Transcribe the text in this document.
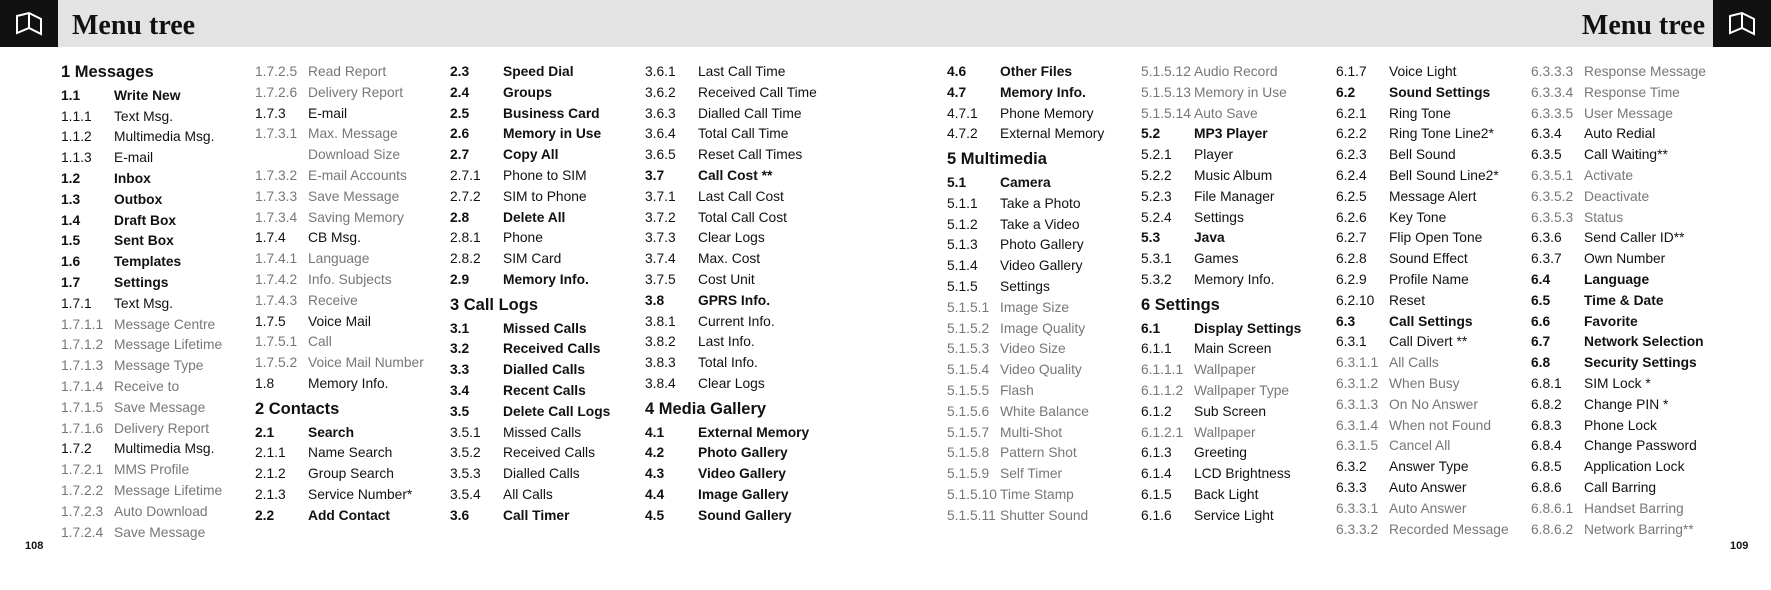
Menu tree	Menu tree
1 Messages
1.1	Write New
1.1.1	Text Msg.
1.1.2	Multimedia Msg.
1.1.3	E-mail
1.2	Inbox
1.3	Outbox
1.4	Draft Box
1.5	Sent Box
1.6	Templates
1.7	Settings
1.7.1	Text Msg.
1.7.1.1 Message Centre
1.7.1.2 Message Lifetime
1.7.1.3 Message Type
1.7.1.4 Receive to
1.7.1.5 Save Message
1.7.1.6 Delivery Report
1.7.2	Multimedia Msg.
1.7.2.1 MMS Profile
1.7.2.2 Message Lifetime
1.7.2.3 Auto Download
1.7.2.4 Save Message
1.7.2.5 Read Report
1.7.2.6 Delivery Report
1.7.3	E-mail
1.7.3.1 Max. Message
Download Size
1.7.3.2 E-mail Accounts
1.7.3.3 Save Message
1.7.3.4 Saving Memory
1.7.4	CB Msg.
1.7.4.1 Language
1.7.4.2 Info. Subjects
1.7.4.3 Receive
1.7.5	Voice Mail
1.7.5.1 Call
1.7.5.2 Voice Mail Number
1.8	Memory Info.
2 Contacts
2.1	Search
2.1.1	Name Search
2.1.2	Group Search
2.1.3	Service Number*
2.2	Add Contact
2.3	Speed Dial
2.4	Groups
2.5	Business Card
2.6	Memory in Use
2.7	Copy All
2.7.1	Phone to SIM
2.7.2	SIM to Phone
2.8	Delete All
2.8.1	Phone
2.8.2	SIM Card
2.9	Memory Info.
3 Call Logs
3.1	Missed Calls
3.2	Received Calls
3.3	Dialled Calls
3.4	Recent Calls
3.5	Delete Call Logs
3.5.1	Missed Calls
3.5.2	Received Calls
3.5.3	Dialled Calls
3.5.4	All Calls
3.6	Call Timer
3.6.1	Last Call Time
3.6.2	Received Call Time
3.6.3	Dialled Call Time
3.6.4	Total Call Time
3.6.5	Reset Call Times
3.7	Call Cost **
3.7.1	Last Call Cost
3.7.2	Total Call Cost
3.7.3	Clear Logs
3.7.4	Max. Cost
3.7.5	Cost Unit
3.8	GPRS Info.
3.8.1	Current Info.
3.8.2	Last Info.
3.8.3	Total Info.
3.8.4	Clear Logs
4 Media Gallery
4.1	External Memory
4.2	Photo Gallery
4.3	Video Gallery
4.4	Image Gallery
4.5	Sound Gallery
4.6	Other Files
4.7	Memory Info.
4.7.1	Phone Memory
4.7.2	External Memory
5 Multimedia
5.1	Camera
5.1.1	Take a Photo
5.1.2	Take a Video
5.1.3	Photo Gallery
5.1.4	Video Gallery
5.1.5	Settings
5.1.5.1 Image Size
5.1.5.2 Image Quality
5.1.5.3 Video Size
5.1.5.4 Video Quality
5.1.5.5 Flash
5.1.5.6 White Balance
5.1.5.7 Multi-Shot
5.1.5.8 Pattern Shot
5.1.5.9 Self Timer
5.1.5.10 Time Stamp
5.1.5.11 Shutter Sound
5.1.5.12 Audio Record
5.1.5.13 Memory in Use
5.1.5.14 Auto Save
5.2	MP3 Player
5.2.1	Player
5.2.2	Music Album
5.2.3	File Manager
5.2.4	Settings
5.3	Java
5.3.1	Games
5.3.2	Memory Info.
6 Settings
6.1	Display Settings
6.1.1	Main Screen
6.1.1.1 Wallpaper
6.1.1.2 Wallpaper Type
6.1.2	Sub Screen
6.1.2.1 Wallpaper
6.1.3	Greeting
6.1.4	LCD Brightness
6.1.5	Back Light
6.1.6	Service Light
6.1.7	Voice Light
6.2	Sound Settings
6.2.1	Ring Tone
6.2.2	Ring Tone Line2*
6.2.3	Bell Sound
6.2.4	Bell Sound Line2*
6.2.5	Message Alert
6.2.6	Key Tone
6.2.7	Flip Open Tone
6.2.8	Sound Effect
6.2.9	Profile Name
6.2.10	Reset
6.3	Call Settings
6.3.1	Call Divert **
6.3.1.1 All Calls
6.3.1.2 When Busy
6.3.1.3 On No Answer
6.3.1.4 When not Found
6.3.1.5 Cancel All
6.3.2	Answer Type
6.3.3	Auto Answer
6.3.3.1 Auto Answer
6.3.3.2 Recorded Message
6.3.3.3 Response Message
6.3.3.4 Response Time
6.3.3.5 User Message
6.3.4	Auto Redial
6.3.5	Call Waiting**
6.3.5.1 Activate
6.3.5.2 Deactivate
6.3.5.3 Status
6.3.6	Send Caller ID**
6.3.7	Own Number
6.4	Language
6.5	Time & Date
6.6	Favorite
6.7	Network Selection
6.8	Security Settings
6.8.1	SIM Lock *
6.8.2	Change PIN *
6.8.3	Phone Lock
6.8.4	Change Password
6.8.5	Application Lock
6.8.6	Call Barring
6.8.6.1 Handset Barring
6.8.6.2 Network Barring**
108	109
